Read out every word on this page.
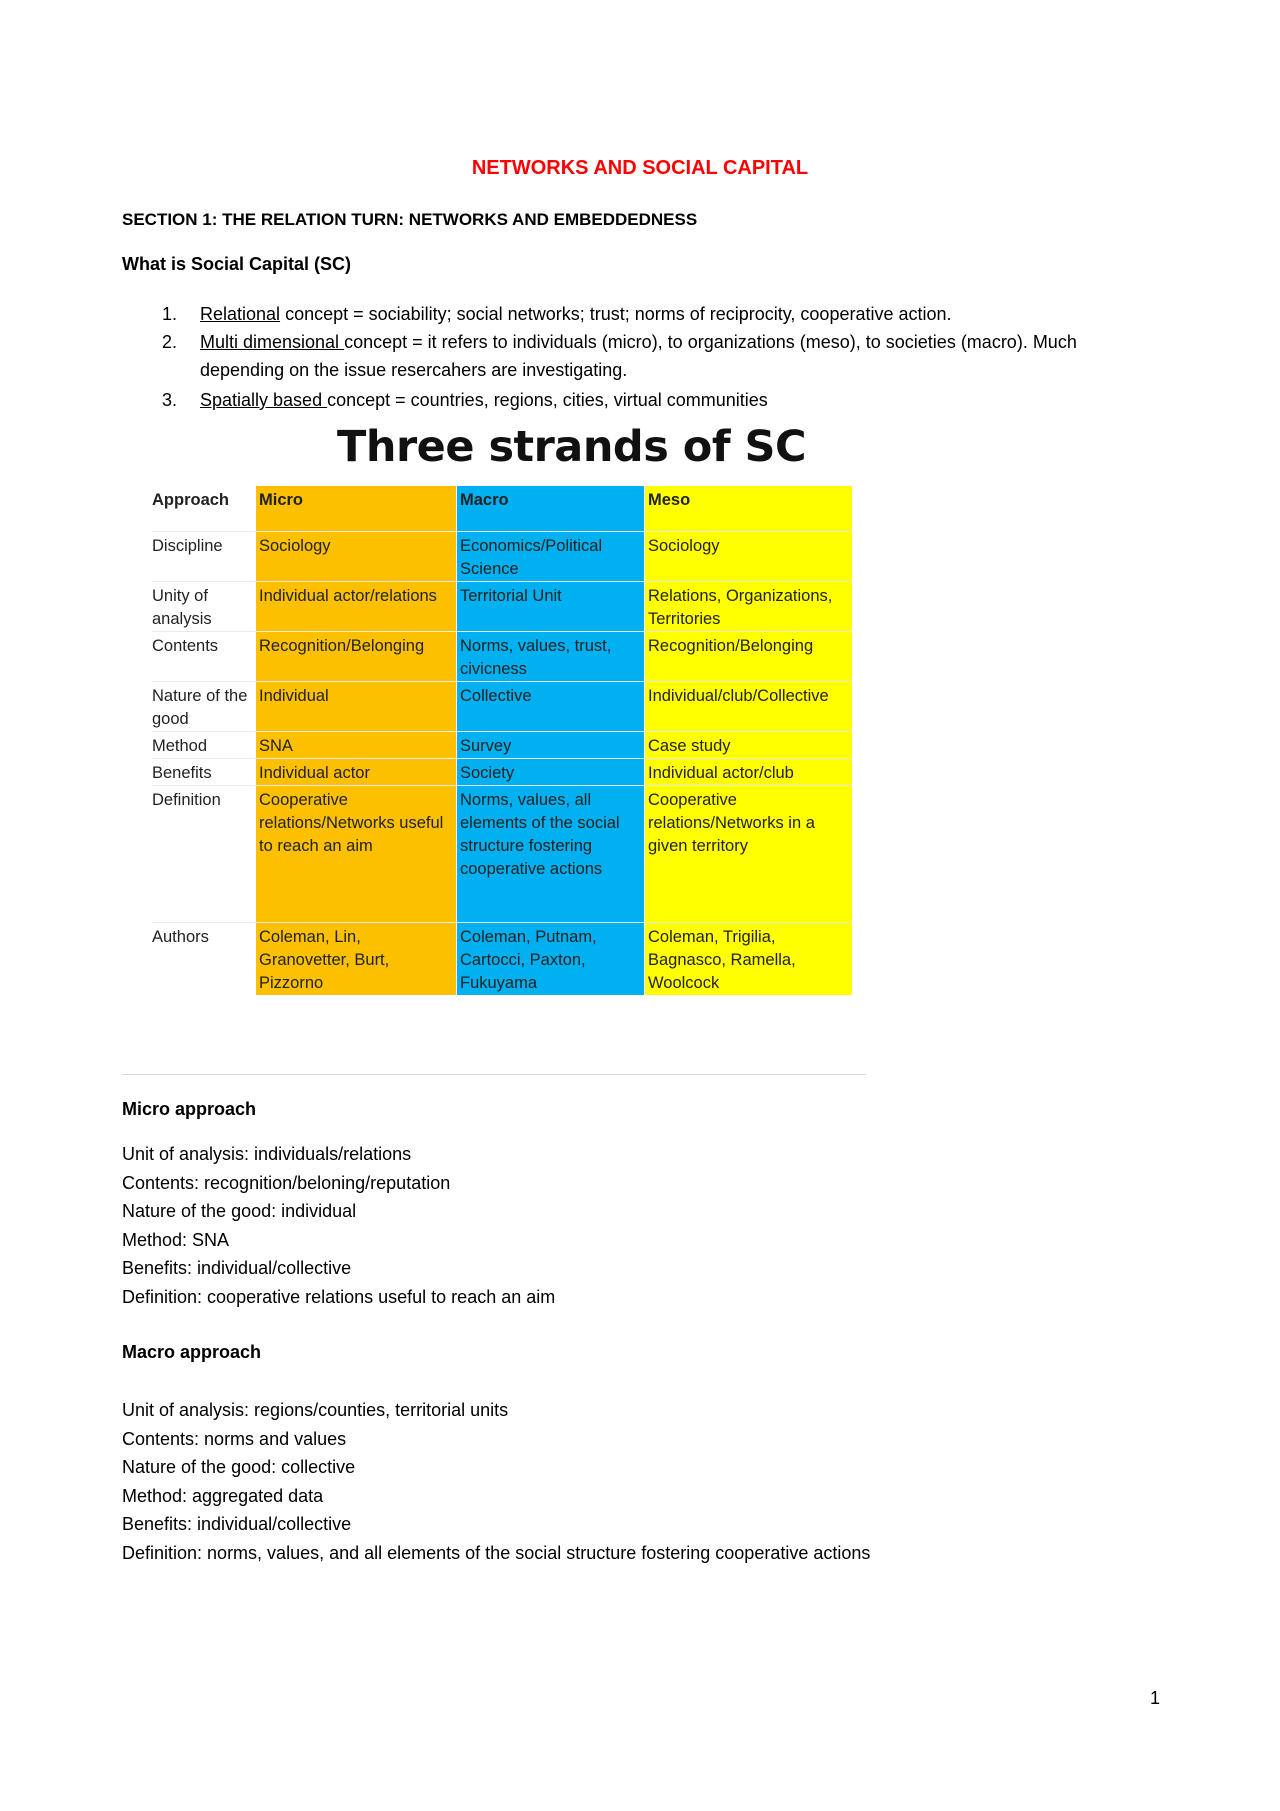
NETWORKS AND SOCIAL CAPITAL
SECTION 1: THE RELATION TURN: NETWORKS AND EMBEDDEDNESS
What is Social Capital (SC)
1. Relational concept = sociability; social networks; trust; norms of reciprocity, cooperative action.
2. Multi dimensional concept = it refers to individuals (micro), to organizations (meso), to societies (macro). Much depending on the issue resercahers are investigating.
3. Spatially based concept = countries, regions, cities, virtual communities
Three strands of SC
Approach	Micro	Macro	Meso
Discipline	Sociology	Economics/Political Science	Sociology
Unity of analysis	Individual actor/relations	Territorial Unit	Relations, Organizations, Territories
Contents	Recognition/Belonging	Norms, values, trust, civicness	Recognition/Belonging
Nature of the good	Individual	Collective	Individual/club/Collective
Method	SNA	Survey	Case study
Benefits	Individual actor	Society	Individual actor/club
Definition	Cooperative relations/Networks useful to reach an aim	Norms, values, all elements of the social structure fostering cooperative actions	Cooperative relations/Networks in a given territory
Authors	Coleman, Lin, Granovetter, Burt, Pizzorno	Coleman, Putnam, Cartocci, Paxton, Fukuyama	Coleman, Trigilia, Bagnasco, Ramella, Woolcock
Micro approach
Unit of analysis: individuals/relations
Contents: recognition/beloning/reputation
Nature of the good: individual
Method: SNA
Benefits: individual/collective
Definition: cooperative relations useful to reach an aim
Macro approach
Unit of analysis: regions/counties, territorial units
Contents: norms and values
Nature of the good: collective
Method: aggregated data
Benefits: individual/collective
Definition: norms, values, and all elements of the social structure fostering cooperative actions
1
